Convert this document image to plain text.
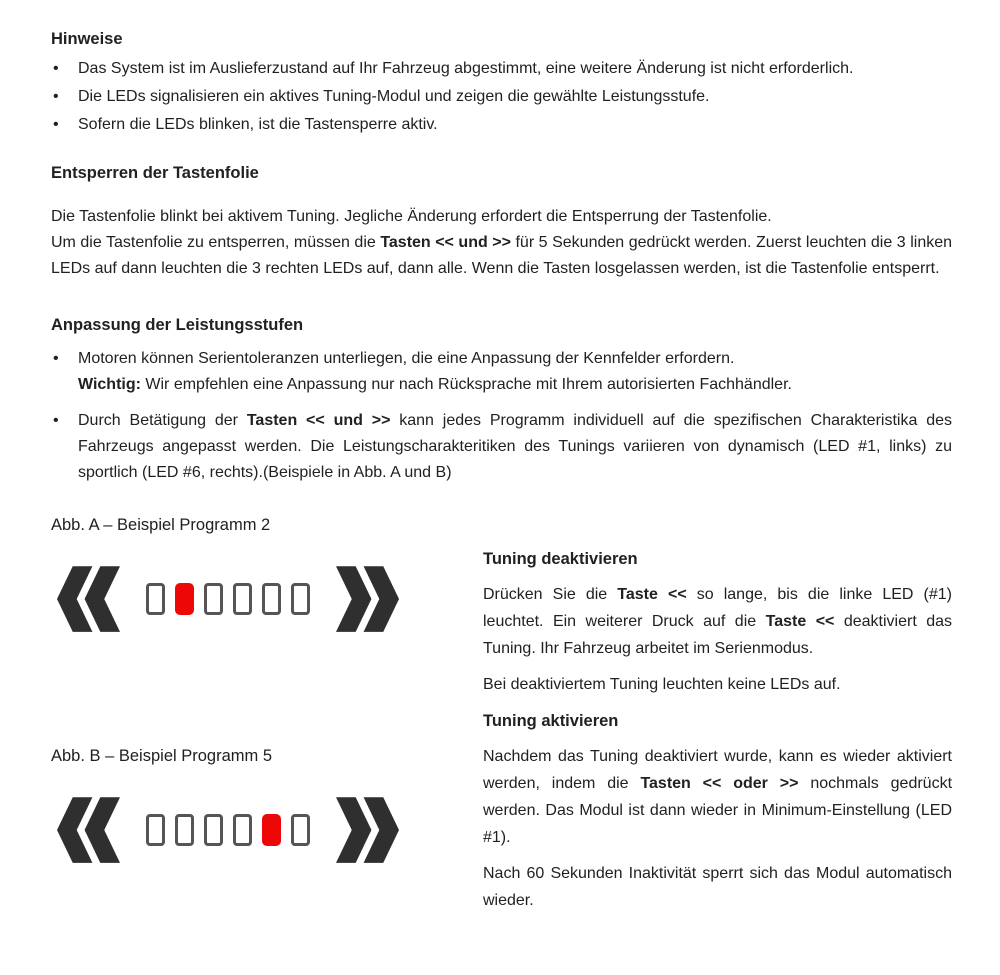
Hinweise
•	Das System ist im Auslieferzustand auf Ihr Fahrzeug abgestimmt, eine weitere Änderung ist nicht erforderlich.
•	Die LEDs signalisieren ein aktives Tuning-Modul und zeigen die gewählte Leistungsstufe.
•	Sofern die LEDs blinken, ist die Tastensperre aktiv.
Entsperren der Tastenfolie

Die Tastenfolie blinkt bei aktivem Tuning. Jegliche Änderung erfordert die Entsperrung der Tastenfolie.
Um die Tastenfolie zu entsperren, müssen die Tasten << und >> für 5 Sekunden gedrückt werden. Zuerst leuchten die 3 linken LEDs auf dann leuchten die 3 rechten LEDs auf, dann alle. Wenn die Tasten losgelassen werden, ist die Tastenfolie entsperrt.

Anpassung der Leistungsstufen
•	Motoren können Serientoleranzen unterliegen, die eine Anpassung der Kennfelder erfordern.
Wichtig: Wir empfehlen eine Anpassung nur nach Rücksprache mit Ihrem autorisierten Fachhändler.
•	Durch Betätigung der Tasten << und >> kann jedes Programm individuell auf die spezifischen Charakteristika des Fahrzeugs angepasst werden. Die Leistungscharakteritiken des Tunings variieren von dynamisch (LED #1, links) zu sportlich (LED #6, rechts).(Beispiele in Abb. A und B)
Abb. A – Beispiel Programm 2
Abb. B – Beispiel Programm 5
Tuning deaktivieren

Drücken Sie die Taste << so lange, bis die linke LED (#1) leuchtet. Ein weiterer Druck auf die Taste << deaktiviert das Tuning. Ihr Fahrzeug arbeitet im Serienmodus.

Bei deaktiviertem Tuning leuchten keine LEDs auf.

Tuning aktivieren

Nachdem das Tuning deaktiviert wurde, kann es wieder aktiviert werden, indem die Tasten << oder >> nochmals gedrückt werden. Das Modul ist dann wieder in Minimum-Einstellung (LED #1).

Nach 60 Sekunden Inaktivität sperrt sich das Modul automatisch wieder.
